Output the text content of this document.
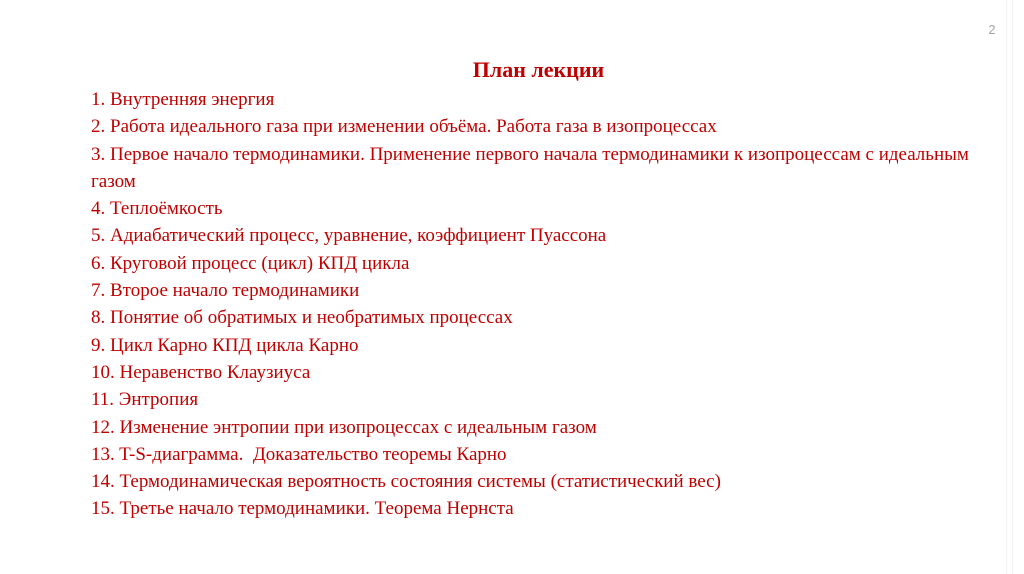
2
План лекции
1. Внутренняя энергия
2. Работа идеального газа при изменении объёма. Работа газа в изопроцессах
3. Первое начало термодинамики. Применение первого начала термодинамики к изопроцессам с идеальным газом
4. Теплоёмкость
5. Адиабатический процесс, уравнение, коэффициент Пуассона
6. Круговой процесс (цикл) КПД цикла
7. Второе начало термодинамики
8. Понятие об обратимых и необратимых процессах
9. Цикл Карно КПД цикла Карно
10. Неравенство Клаузиуса
11. Энтропия
12. Изменение энтропии при изопроцессах с идеальным газом
13. T-S-диаграмма.  Доказательство теоремы Карно
14. Термодинамическая вероятность состояния системы (статистический вес)
15. Третье начало термодинамики. Теорема Нернста
